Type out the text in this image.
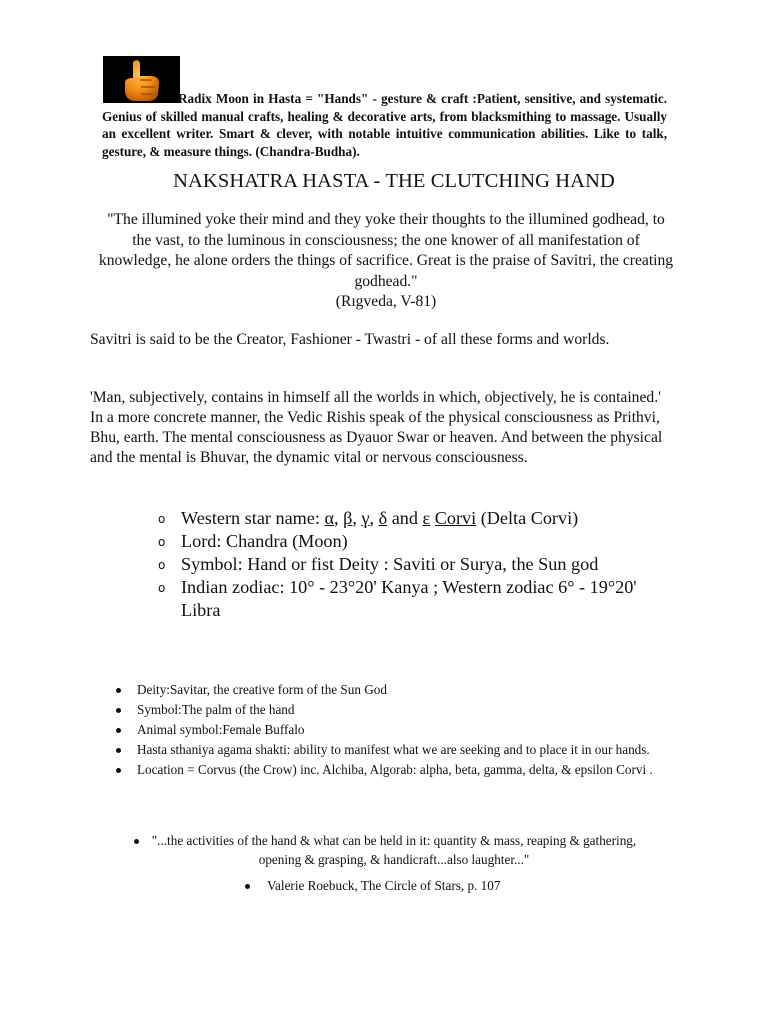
Radix Moon in Hasta = "Hands" - gesture & craft :Patient, sensitive, and systematic. Genius of skilled manual crafts, healing & decorative arts, from blacksmithing to massage. Usually an excellent writer. Smart & clever, with notable intuitive communication abilities. Like to talk, gesture, & measure things. (Chandra-Budha).

NAKSHATRA HASTA - THE CLUTCHING HAND
"The illumined yoke their mind and they yoke their thoughts to the illumined godhead, to the vast, to the luminous in consciousness; the one knower of all manifestation of knowledge, he alone orders the things of sacrifice. Great is the praise of Savitri, the creating godhead."
(Rıgveda, V-81)

Savitri is said to be the Creator, Fashioner - Twastri - of all these forms and worlds.

'Man, subjectively, contains in himself all the worlds in which, objectively, he is contained.' In a more concrete manner, the Vedic Rishis speak of the physical consciousness as Prithvi, Bhu, earth. The mental consciousness as Dyauor Swar or heaven. And between the physical and the mental is Bhuvar, the dynamic vital or nervous consciousness.

o Western star name: α, β, γ, δ and ε Corvi (Delta Corvi)
o Lord: Chandra (Moon)
o Symbol: Hand or fist Deity : Saviti or Surya, the Sun god
o Indian zodiac: 10° - 23°20' Kanya ; Western zodiac 6° - 19°20' Libra
Deity:Savitar, the creative form of the Sun God
Symbol:The palm of the hand
Animal symbol:Female Buffalo
Hasta sthaniya agama shakti: ability to manifest what we are seeking and to place it in our hands.
Location = Corvus (the Crow) inc. Alchiba, Algorab: alpha, beta, gamma, delta, & epsilon Corvi .
"...the activities of the hand & what can be held in it: quantity & mass, reaping & gathering, opening & grasping, & handicraft...also laughter..."
Valerie Roebuck, The Circle of Stars, p. 107
